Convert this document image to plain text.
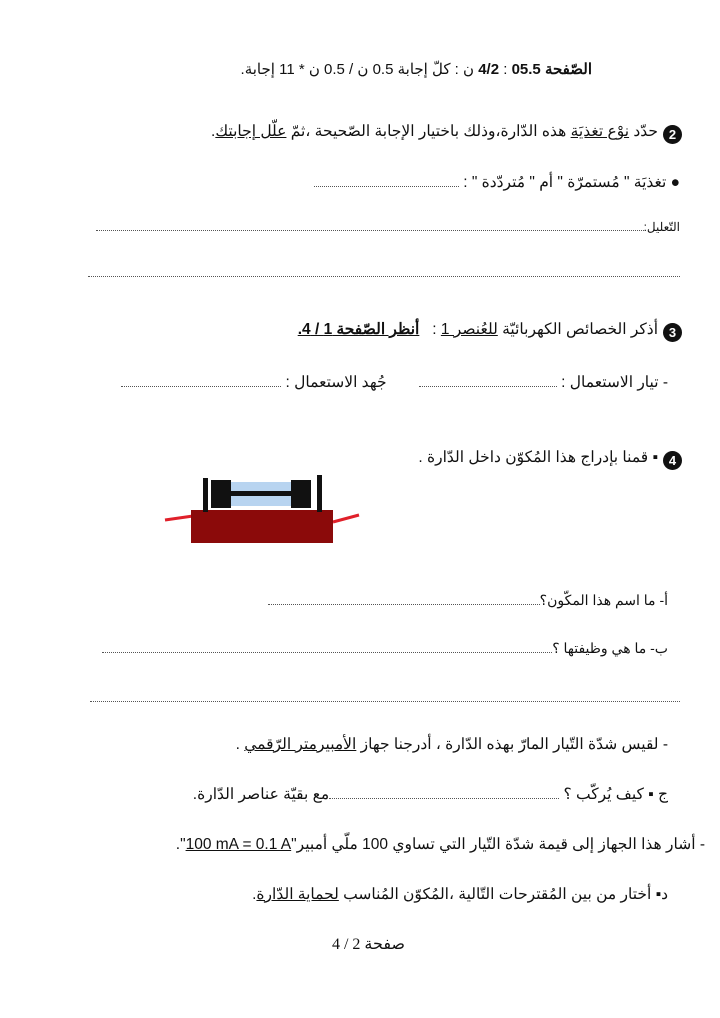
الصّفحة 4/2 : 05.5 ن : كلّ إجابة 0.5 ن / 0.5 ن * 11 إجابة.
2حدّد نوْع تغذيَة هذه الدّارة،وذلك باختيار الإجابة الصّحيحة ،ثمّ علّل إجابتك.
● تغذيَة " مُستمرّة " أم " مُتردّدة " :
التّعليل:
3أذكر الخصائص الكهربائيّة للعُنصر 1 :   أنظر الصّفحة 1 / 4.
- تيار الاستعمال :  جُهد الاستعمال :
4▪ قمنا بإدراج هذا المُكوّن داخل الدّارة .
أ- ما اسم هذا المكّون؟
ب- ما هي وظيفتها ؟
- لقيس شدّة التّيار المارّ بهذه الدّارة ، أدرجنا جهاز الأمبيرمتر الرّقمي .
ج ▪ كيف يُركّب ؟ مع بقيّة عناصر الدّارة.
- أشار هذا الجهاز إلى قيمة شدّة التّيار التي تساوي 100 ملّي أمبير"100 mA = 0.1 A".
د▪ أختار من بين المُقترحات التّالية ،المُكوّن المُناسب لحماية الدّارة.
صفحة 2 / 4
